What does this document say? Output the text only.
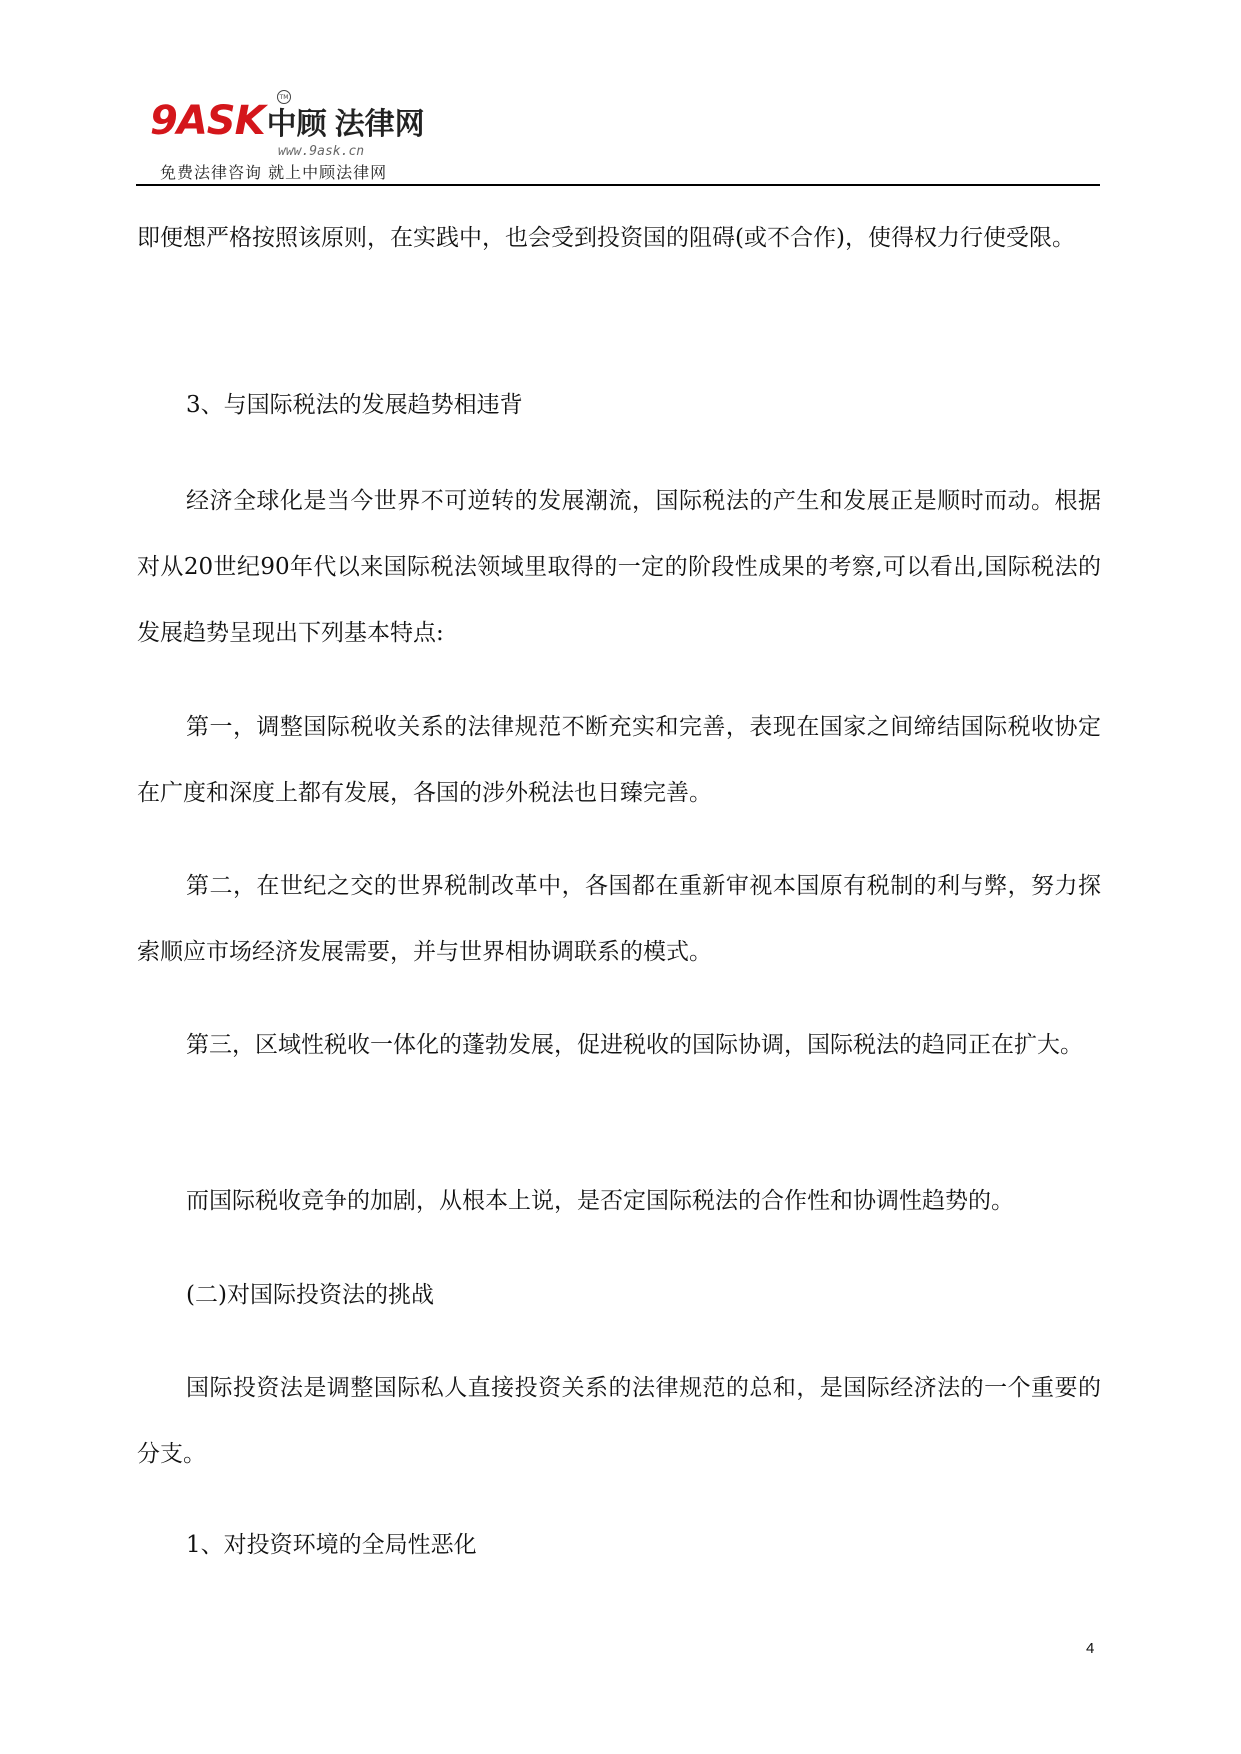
9ASK中顾 法律网
TM
www.9ask.cn
免费法律咨询 就上中顾法律网

即便想严格按照该原则，在实践中，也会受到投资国的阻碍(或不合作)，使得权力行使受限。

3、与国际税法的发展趋势相违背

经济全球化是当今世界不可逆转的发展潮流，国际税法的产生和发展正是顺时而动。根据对从20世纪90年代以来国际税法领域里取得的一定的阶段性成果的考察,可以看出,国际税法的发展趋势呈现出下列基本特点:

第一，调整国际税收关系的法律规范不断充实和完善，表现在国家之间缔结国际税收协定在广度和深度上都有发展，各国的涉外税法也日臻完善。

第二，在世纪之交的世界税制改革中，各国都在重新审视本国原有税制的利与弊，努力探索顺应市场经济发展需要，并与世界相协调联系的模式。

第三，区域性税收一体化的蓬勃发展，促进税收的国际协调，国际税法的趋同正在扩大。

而国际税收竞争的加剧，从根本上说，是否定国际税法的合作性和协调性趋势的。

(二)对国际投资法的挑战

国际投资法是调整国际私人直接投资关系的法律规范的总和，是国际经济法的一个重要的分支。

1、对投资环境的全局性恶化

4
